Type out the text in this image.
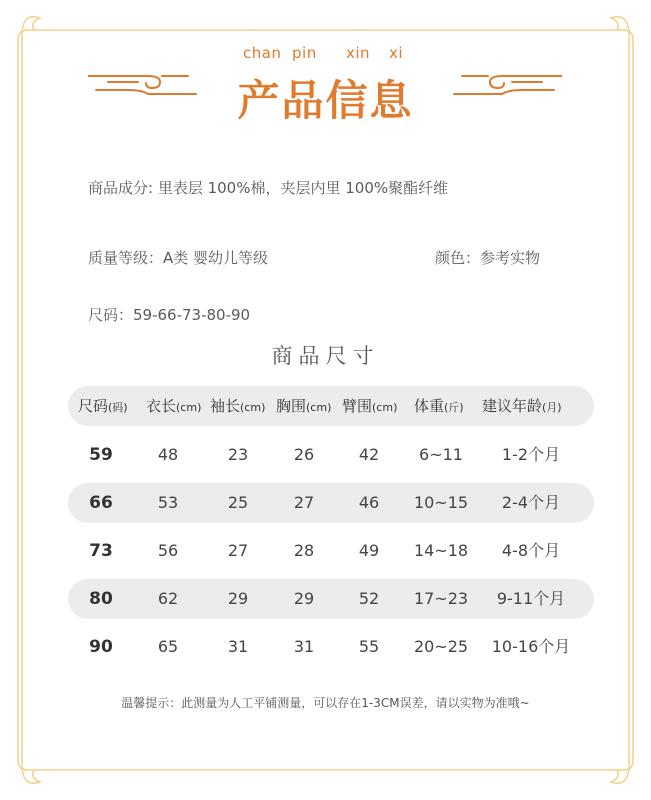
chan pin xin xi
产品信息
商品成分: 里表层 100%棉，夹层内里 100%聚酯纤维
质量等级：A类 婴幼儿等级	颜色：参考实物
尺码：59-66-73-80-90
商品尺寸
尺码(码) 衣长(cm) 袖长(cm) 胸围(cm) 臂围(cm) 体重(斤) 建议年龄(月)
59	48	23	26	42 6~11 1-2个月
66	53	25	27	46 10~15 2-4个月
73	56	27	28	49 14~18 4-8个月
80	62	29	29	52 17~23 9-11个月
90	65	31	31	55 20~25 10-16个月
温馨提示：此测量为人工平铺测量，可以存在1-3CM误差，请以实物为准哦~
